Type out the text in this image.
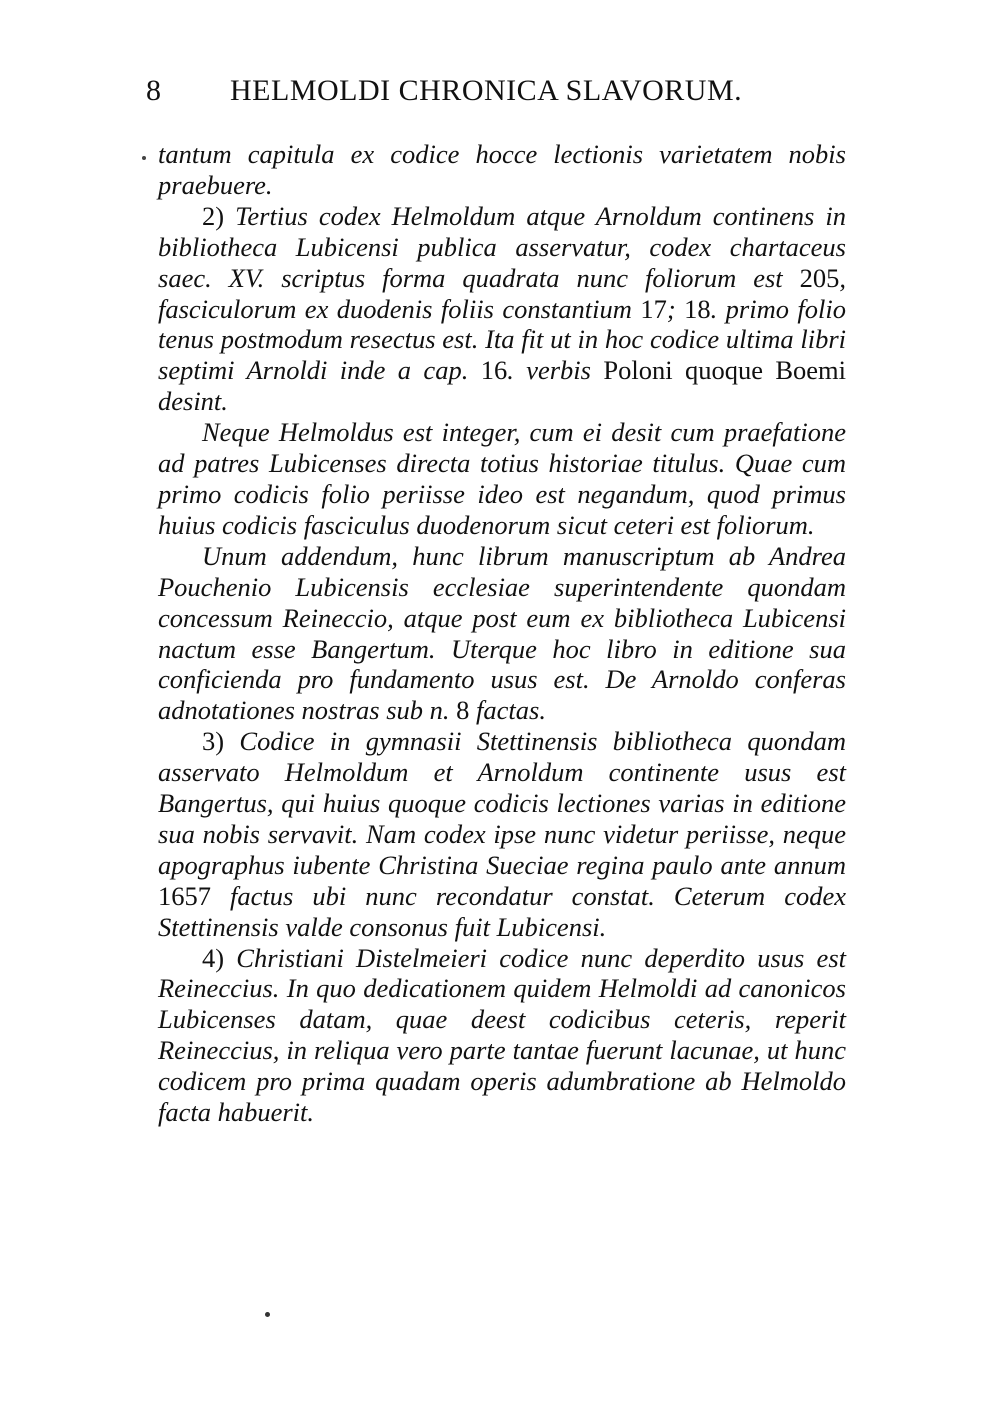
8 HELMOLDI CHRONICA SLAVORUM.

tantum capitula ex codice hocce lectionis varietatem nobis praebuere.

2) Tertius codex Helmoldum atque Arnoldum continens in bibliotheca Lubicensi publica asservatur, codex chartaceus saec. XV. scriptus forma quadrata nunc foliorum est 205, fasciculorum ex duodenis foliis constantium 17; 18. primo folio tenus postmodum resectus est. Ita fit ut in hoc codice ultima libri septimi Arnoldi inde a cap. 16. verbis Poloni quoque Boemi desint.

Neque Helmoldus est integer, cum ei desit cum praefatione ad patres Lubicenses directa totius historiae titulus. Quae cum primo codicis folio periisse ideo est negandum, quod primus huius codicis fasciculus duodenorum sicut ceteri est foliorum.

Unum addendum, hunc librum manuscriptum ab Andrea Pouchenio Lubicensis ecclesiae superintendente quondam concessum Reineccio, atque post eum ex bibliotheca Lubicensi nactum esse Bangertum. Uterque hoc libro in editione sua conficienda pro fundamento usus est. De Arnoldo conferas adnotationes nostras sub n. 8 factas.

3) Codice in gymnasii Stettinensis bibliotheca quondam asservato Helmoldum et Arnoldum continente usus est Bangertus, qui huius quoque codicis lectiones varias in editione sua nobis servavit. Nam codex ipse nunc videtur periisse, neque apographus iubente Christina Sueciae regina paulo ante annum 1657 factus ubi nunc recondatur constat. Ceterum codex Stettinensis valde consonus fuit Lubicensi.

4) Christiani Distelmeieri codice nunc deperdito usus est Reineccius. In quo dedicationem quidem Helmoldi ad canonicos Lubicenses datam, quae deest codicibus ceteris, reperit Reineccius, in reliqua vero parte tantae fuerunt lacunae, ut hunc codicem pro prima quadam operis adumbratione ab Helmoldo facta habuerit.
